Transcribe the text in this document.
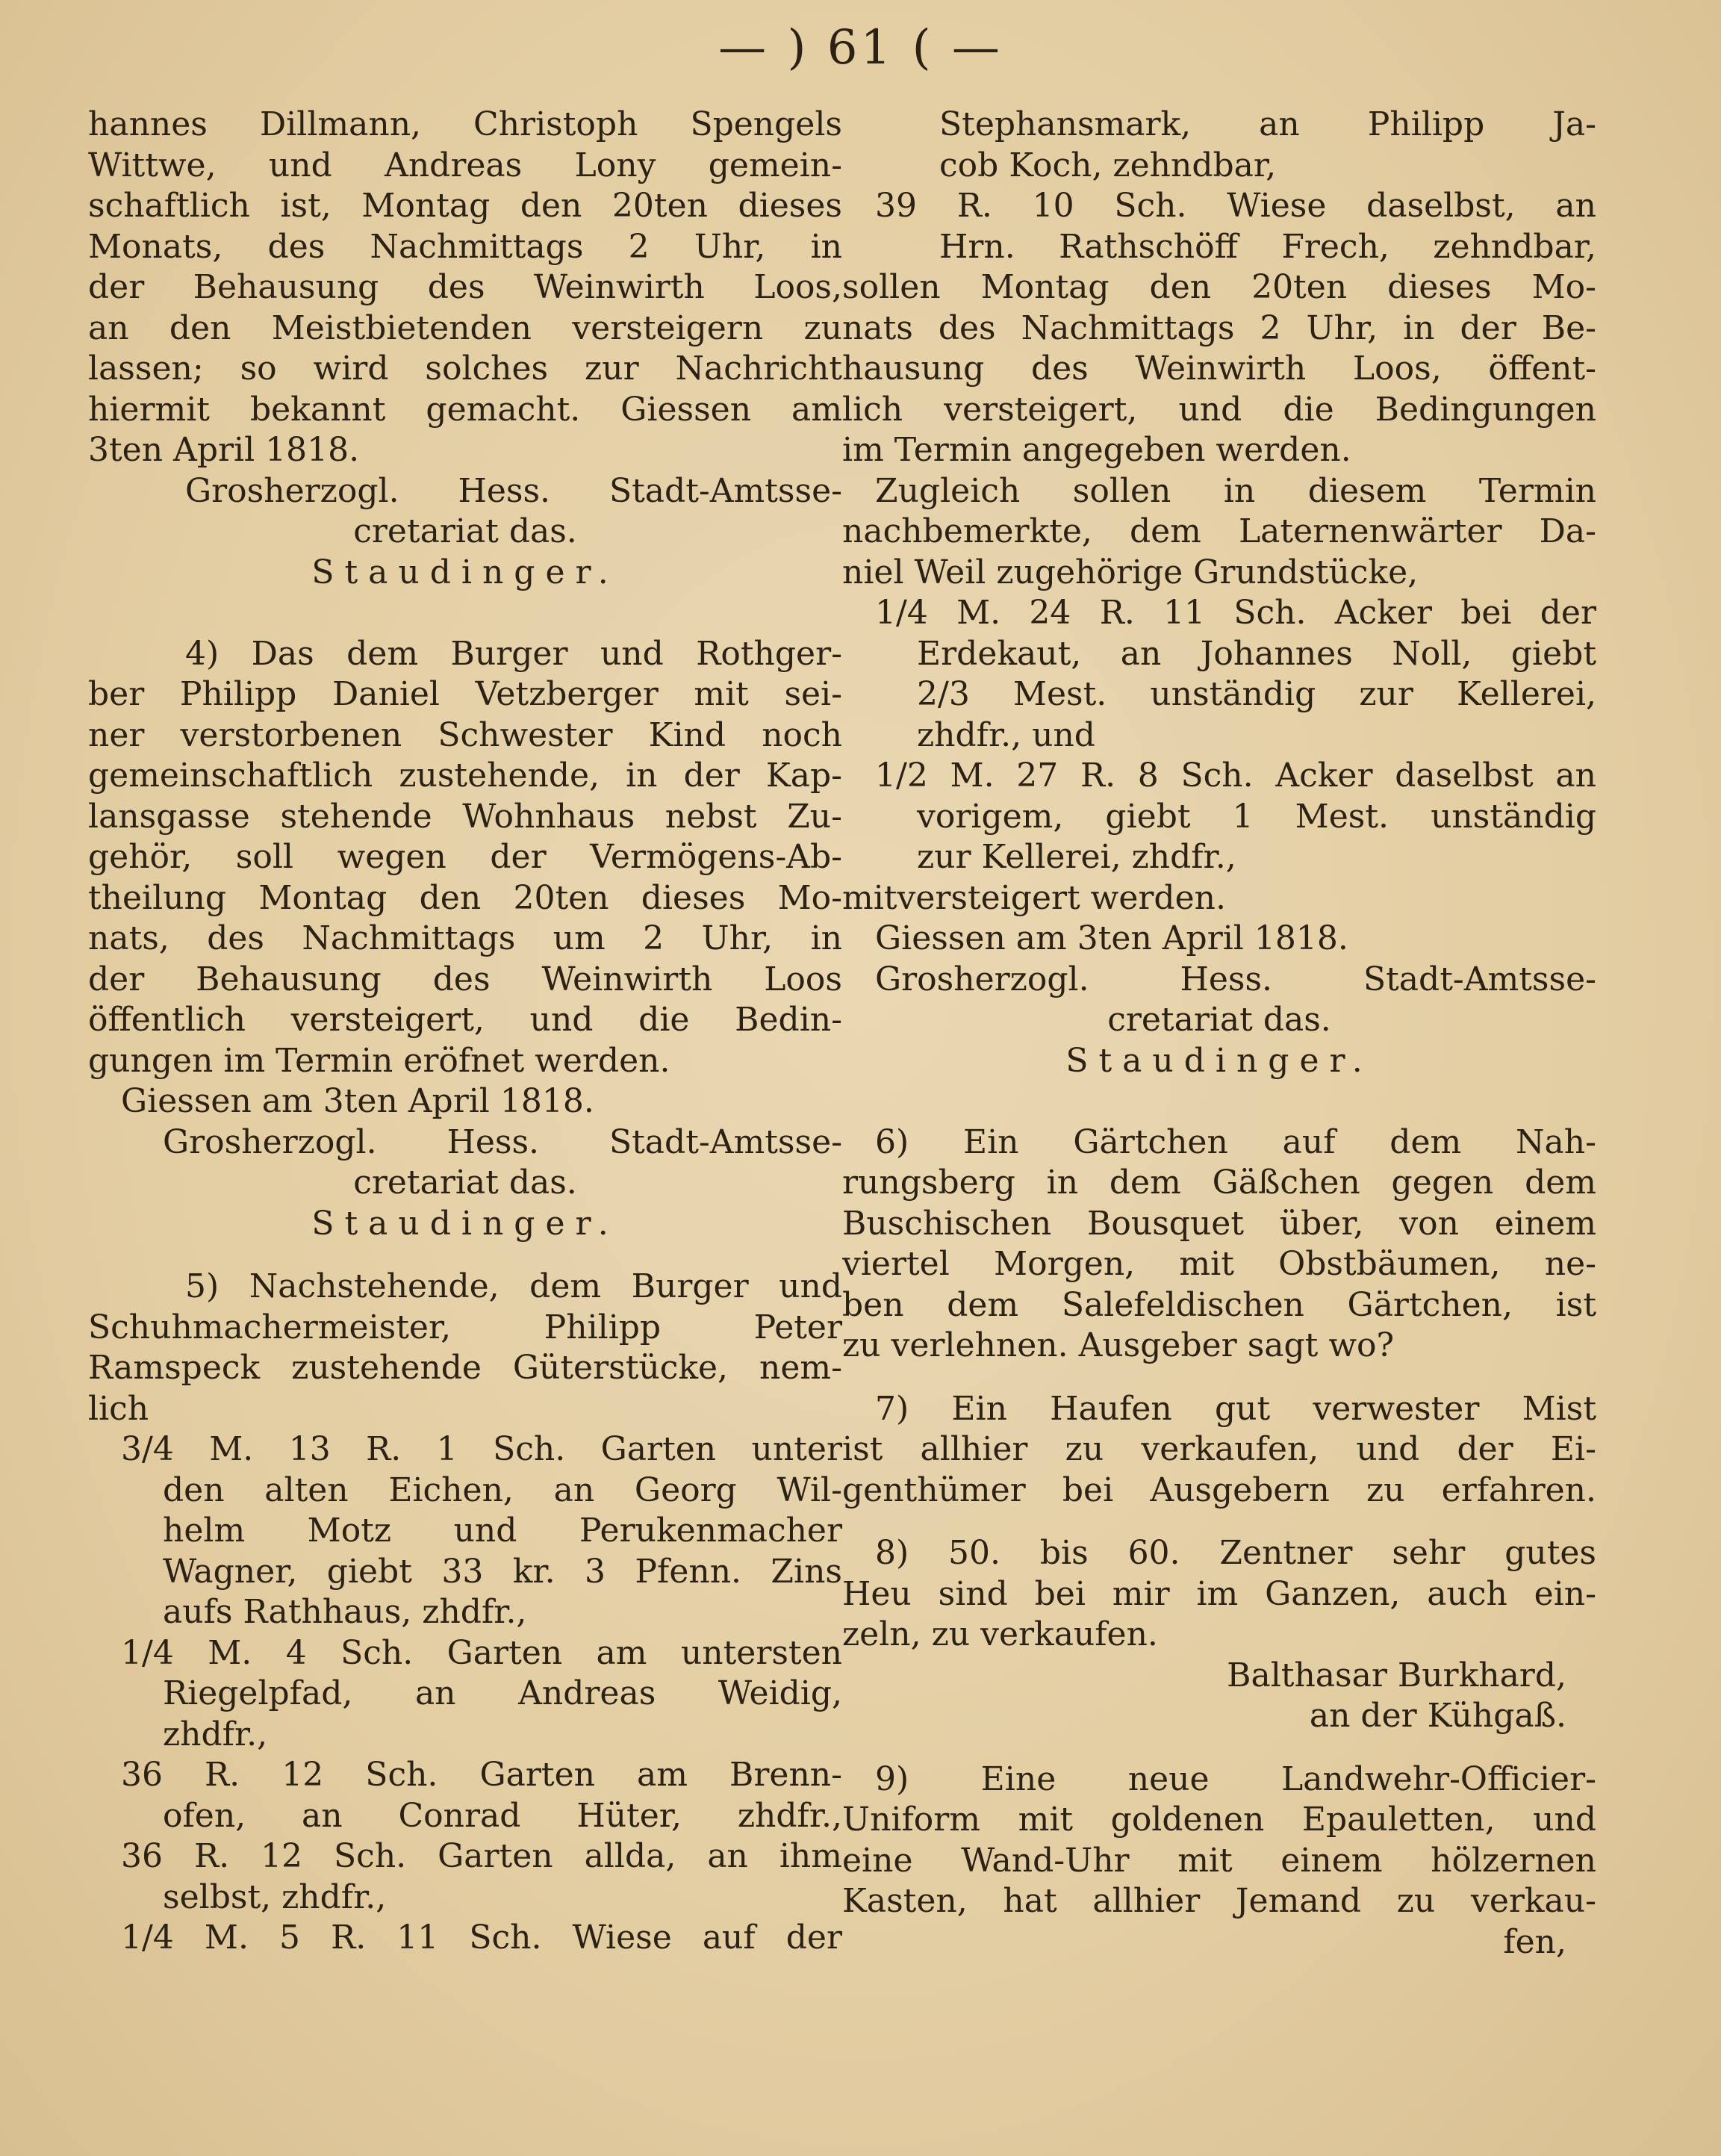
— ) 61 ( —
hannes Dillmann, Christoph Spengels
Wittwe, und Andreas Lony gemein-
schaftlich ist, Montag den 20ten dieses
Monats, des Nachmittags 2 Uhr, in
der Behausung des Weinwirth Loos,
an den Meistbietenden versteigern zu
lassen; so wird solches zur Nachricht
hiermit bekannt gemacht. Giessen am
3ten April 1818.
Grosherzogl. Hess. Stadt-Amtsse-
cretariat das.
Staudinger.
4) Das dem Burger und Rothger-
ber Philipp Daniel Vetzberger mit sei-
ner verstorbenen Schwester Kind noch
gemeinschaftlich zustehende, in der Kap-
lansgasse stehende Wohnhaus nebst Zu-
gehör, soll wegen der Vermögens-Ab-
theilung Montag den 20ten dieses Mo-
nats, des Nachmittags um 2 Uhr, in
der Behausung des Weinwirth Loos
öffentlich versteigert, und die Bedin-
gungen im Termin eröfnet werden.
Giessen am 3ten April 1818.
Grosherzogl. Hess. Stadt-Amtsse-
cretariat das.
Staudinger.
5) Nachstehende, dem Burger und
Schuhmachermeister, Philipp Peter
Ramspeck zustehende Güterstücke, nem-
lich
3/4 M. 13 R. 1 Sch. Garten unter
den alten Eichen, an Georg Wil-
helm Motz und Perukenmacher
Wagner, giebt 33 kr. 3 Pfenn. Zins
aufs Rathhaus, zhdfr.,
1/4 M. 4 Sch. Garten am untersten
Riegelpfad, an Andreas Weidig,
zhdfr.,
36 R. 12 Sch. Garten am Brenn-
ofen, an Conrad Hüter, zhdfr.,
36 R. 12 Sch. Garten allda, an ihm
selbst, zhdfr.,
1/4 M. 5 R. 11 Sch. Wiese auf der
Stephansmark, an Philipp Ja-
cob Koch, zehndbar,
39 R. 10 Sch. Wiese daselbst, an
Hrn. Rathschöff Frech, zehndbar,
sollen Montag den 20ten dieses Mo-
nats des Nachmittags 2 Uhr, in der Be-
hausung des Weinwirth Loos, öffent-
lich versteigert, und die Bedingungen
im Termin angegeben werden.
Zugleich sollen in diesem Termin
nachbemerkte, dem Laternenwärter Da-
niel Weil zugehörige Grundstücke,
1/4 M. 24 R. 11 Sch. Acker bei der
Erdekaut, an Johannes Noll, giebt
2/3 Mest. unständig zur Kellerei,
zhdfr., und
1/2 M. 27 R. 8 Sch. Acker daselbst an
vorigem, giebt 1 Mest. unständig
zur Kellerei, zhdfr.,
mitversteigert werden.
Giessen am 3ten April 1818.
Grosherzogl. Hess. Stadt-Amtsse-
cretariat das.
Staudinger.
6) Ein Gärtchen auf dem Nah-
rungsberg in dem Gäßchen gegen dem
Buschischen Bousquet über, von einem
viertel Morgen, mit Obstbäumen, ne-
ben dem Salefeldischen Gärtchen, ist
zu verlehnen. Ausgeber sagt wo?
7) Ein Haufen gut verwester Mist
ist allhier zu verkaufen, und der Ei-
genthümer bei Ausgebern zu erfahren.
8) 50. bis 60. Zentner sehr gutes
Heu sind bei mir im Ganzen, auch ein-
zeln, zu verkaufen.
Balthasar Burkhard,
an der Kühgaß.
9) Eine neue Landwehr-Officier-
Uniform mit goldenen Epauletten, und
eine Wand-Uhr mit einem hölzernen
Kasten, hat allhier Jemand zu verkau-
fen,
